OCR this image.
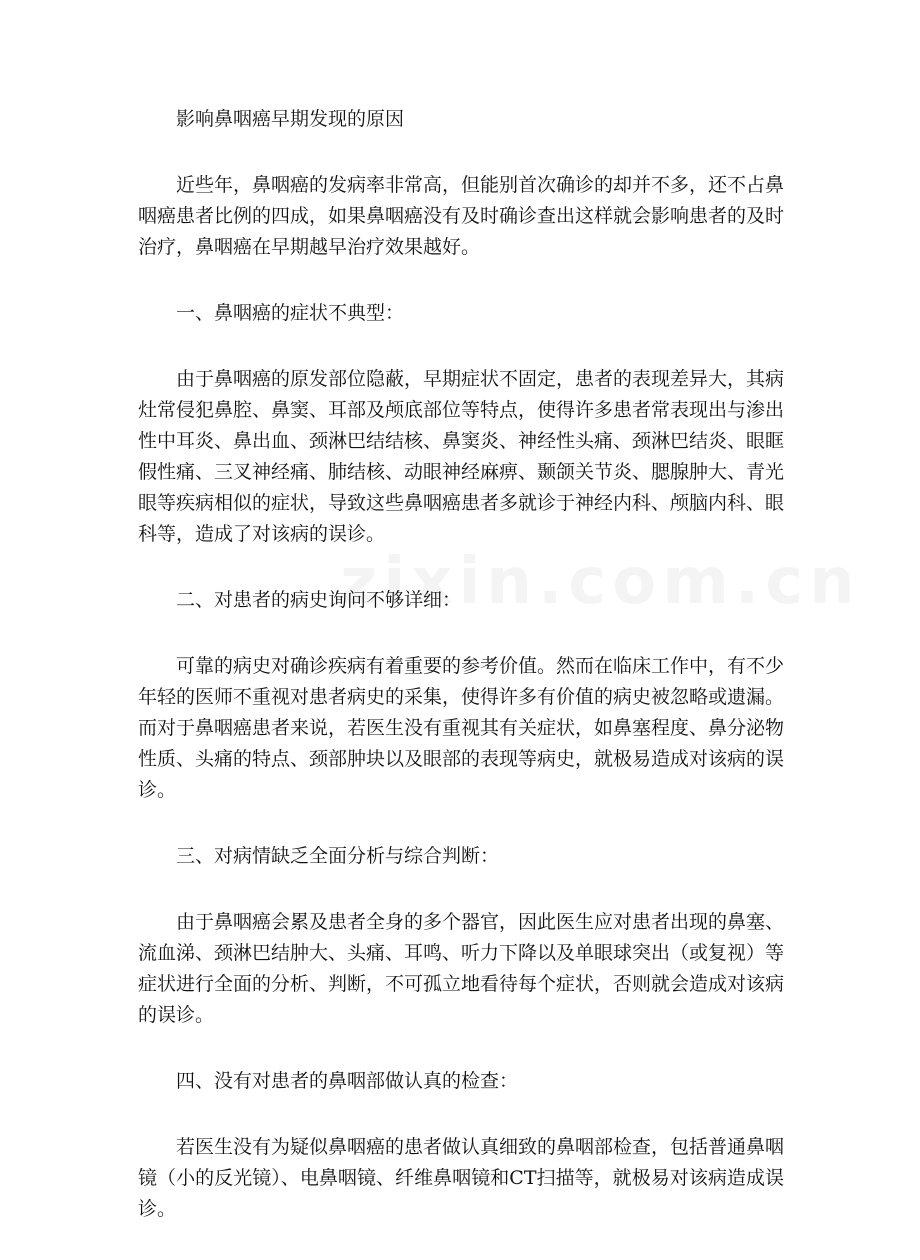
影响鼻咽癌早期发现的原因

近些年，鼻咽癌的发病率非常高，但能别首次确诊的却并不多，还不占鼻咽癌患者比例的四成，如果鼻咽癌没有及时确诊查出这样就会影响患者的及时治疗，鼻咽癌在早期越早治疗效果越好。

一、鼻咽癌的症状不典型：

由于鼻咽癌的原发部位隐蔽，早期症状不固定，患者的表现差异大，其病灶常侵犯鼻腔、鼻窦、耳部及颅底部位等特点，使得许多患者常表现出与渗出性中耳炎、鼻出血、颈淋巴结结核、鼻窦炎、神经性头痛、颈淋巴结炎、眼眶假性痛、三叉神经痛、肺结核、动眼神经麻痹、颞颌关节炎、腮腺肿大、青光眼等疾病相似的症状，导致这些鼻咽癌患者多就诊于神经内科、颅脑内科、眼科等，造成了对该病的误诊。

二、对患者的病史询问不够详细：

可靠的病史对确诊疾病有着重要的参考价值。然而在临床工作中，有不少年轻的医师不重视对患者病史的采集，使得许多有价值的病史被忽略或遗漏。而对于鼻咽癌患者来说，若医生没有重视其有关症状，如鼻塞程度、鼻分泌物性质、头痛的特点、颈部肿块以及眼部的表现等病史，就极易造成对该病的误诊。

三、对病情缺乏全面分析与综合判断：

由于鼻咽癌会累及患者全身的多个器官，因此医生应对患者出现的鼻塞、流血涕、颈淋巴结肿大、头痛、耳鸣、听力下降以及单眼球突出（或复视）等症状进行全面的分析、判断，不可孤立地看待每个症状，否则就会造成对该病的误诊。

四、没有对患者的鼻咽部做认真的检查：

若医生没有为疑似鼻咽癌的患者做认真细致的鼻咽部检查，包括普通鼻咽镜（小的反光镜）、电鼻咽镜、纤维鼻咽镜和CT扫描等，就极易对该病造成误诊。
